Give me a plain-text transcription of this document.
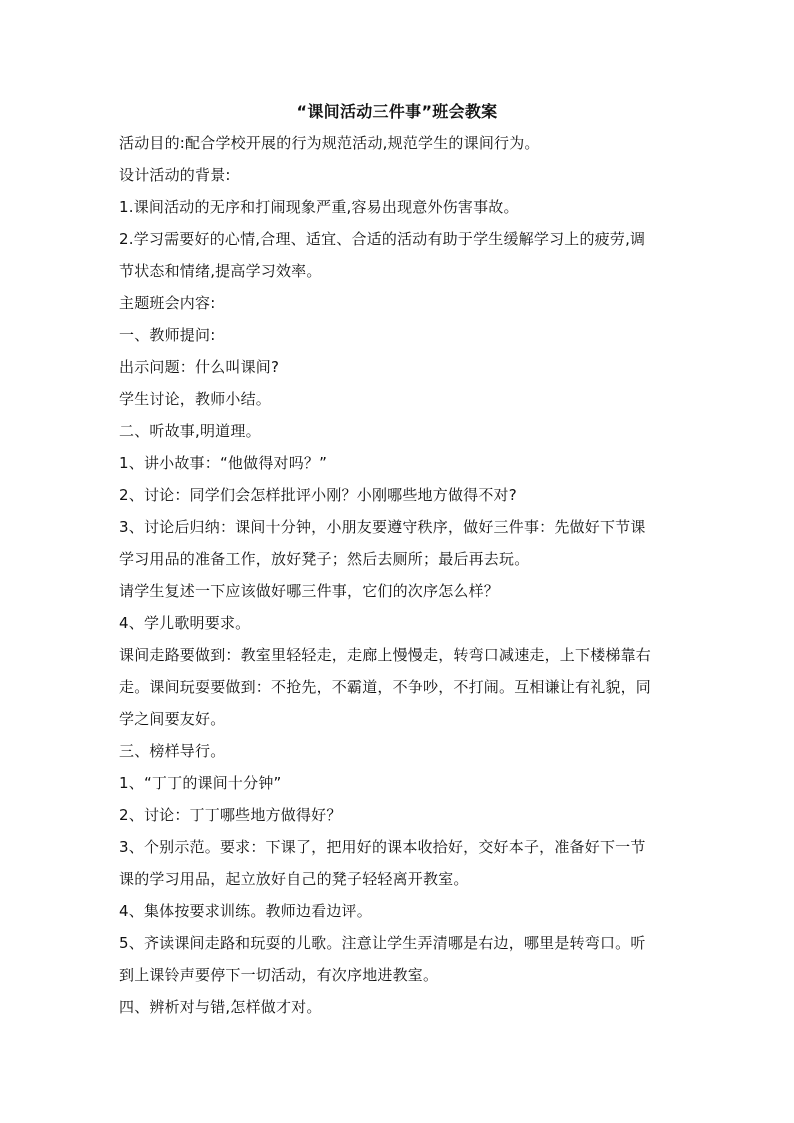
“课间活动三件事”班会教案
活动目的:配合学校开展的行为规范活动,规范学生的课间行为。
设计活动的背景:
1.课间活动的无序和打闹现象严重,容易出现意外伤害事故。
2.学习需要好的心情,合理、适宜、合适的活动有助于学生缓解学习上的疲劳,调
节状态和情绪,提高学习效率。
主题班会内容:
一、教师提问:
出示问题：什么叫课间?
学生讨论，教师小结。
二、听故事,明道理。
1、讲小故事：“他做得对吗？”
2、讨论：同学们会怎样批评小刚？小刚哪些地方做得不对?
3、讨论后归纳：课间十分钟，小朋友要遵守秩序，做好三件事：先做好下节课
学习用品的准备工作，放好凳子；然后去厕所；最后再去玩。
请学生复述一下应该做好哪三件事，它们的次序怎么样？
4、学儿歌明要求。
课间走路要做到：教室里轻轻走，走廊上慢慢走，转弯口减速走，上下楼梯靠右
走。课间玩耍要做到：不抢先，不霸道，不争吵，不打闹。互相谦让有礼貌，同
学之间要友好。
三、榜样导行。
1、“丁丁的课间十分钟”
2、讨论：丁丁哪些地方做得好？
3、个别示范。要求：下课了，把用好的课本收拾好，交好本子，准备好下一节
课的学习用品，起立放好自己的凳子轻轻离开教室。
4、集体按要求训练。教师边看边评。
5、齐读课间走路和玩耍的儿歌。注意让学生弄清哪是右边，哪里是转弯口。听
到上课铃声要停下一切活动，有次序地进教室。
四、辨析对与错,怎样做才对。
